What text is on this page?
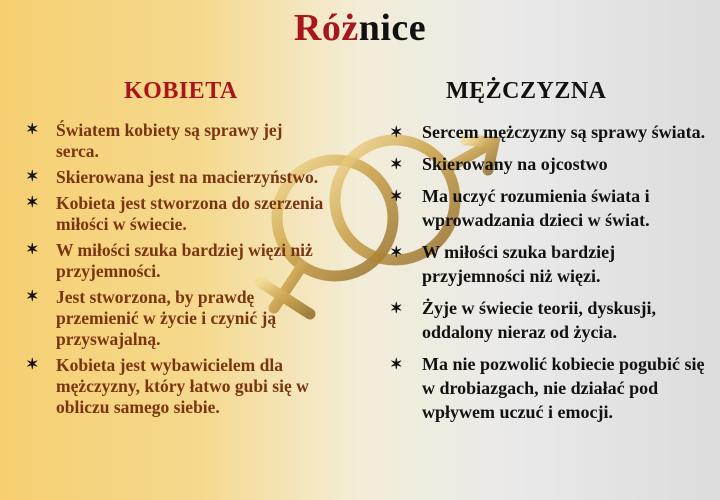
Różnice
KOBIETA	MĘŻCZYZNA
✶ Światem kobiety są sprawy jej serca.
✶ Skierowana jest na macierzyństwo.
✶ Kobieta jest stworzona do szerzenia miłości w świecie.
✶ W miłości szuka bardziej więzi niż przyjemności.
✶ Jest stworzona, by prawdę przemienić w życie i czynić ją przyswajalną.
✶ Kobieta jest wybawicielem dla mężczyzny, który łatwo gubi się w obliczu samego siebie.
✶ Sercem mężczyzny są sprawy świata.
✶ Skierowany na ojcostwo
✶ Ma uczyć rozumienia świata i wprowadzania dzieci w świat.
✶ W miłości szuka bardziej przyjemności niż więzi.
✶ Żyje w świecie teorii, dyskusji, oddalony nieraz od życia.
✶ Ma nie pozwolić kobiecie pogubić się w drobiazgach, nie działać pod wpływem uczuć i emocji.
